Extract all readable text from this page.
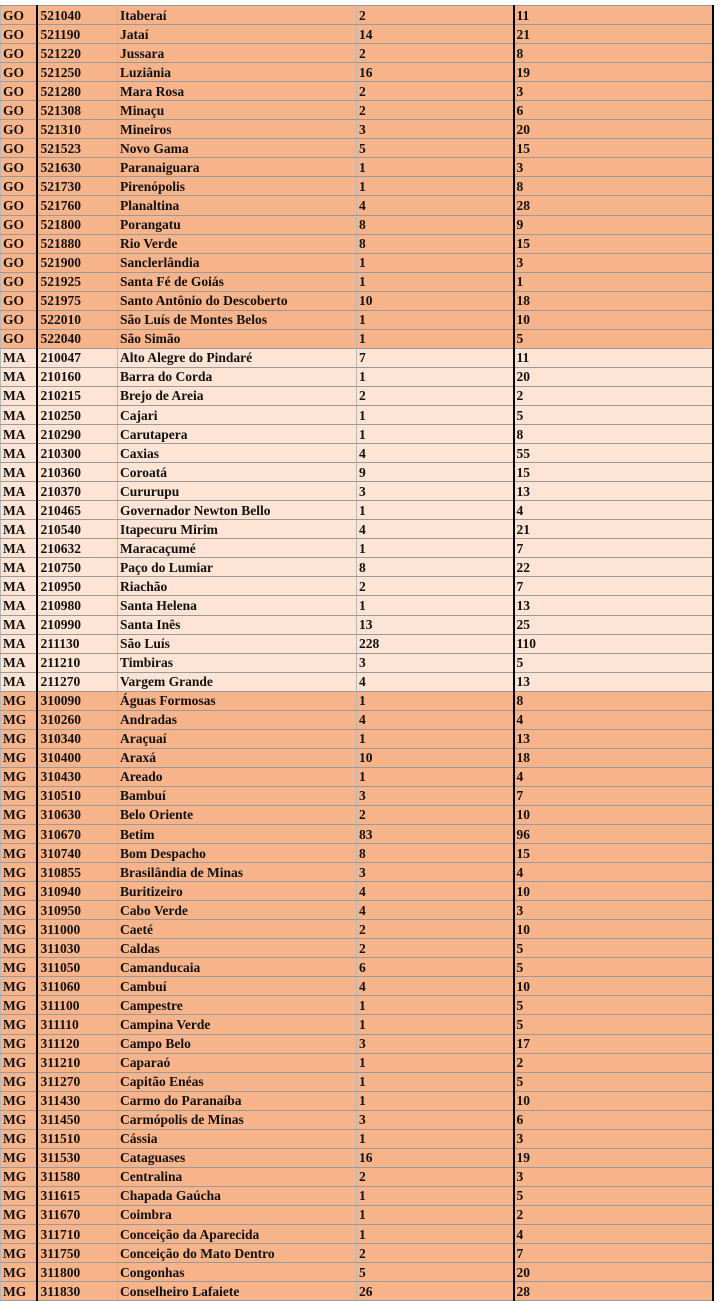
GO	521040	Itaberaí	2	11
GO	521190	Jataí	14	21
GO	521220	Jussara	2	8
GO	521250	Luziânia	16	19
GO	521280	Mara Rosa	2	3
GO	521308	Minaçu	2	6
GO	521310	Mineiros	3	20
GO	521523	Novo Gama	5	15
GO	521630	Paranaiguara	1	3
GO	521730	Pirenópolis	1	8
GO	521760	Planaltina	4	28
GO	521800	Porangatu	8	9
GO	521880	Rio Verde	8	15
GO	521900	Sanclerlândia	1	3
GO	521925	Santa Fé de Goiás	1	1
GO	521975	Santo Antônio do Descoberto	10	18
GO	522010	São Luís de Montes Belos	1	10
GO	522040	São Simão	1	5
MA	210047	Alto Alegre do Pindaré	7	11
MA	210160	Barra do Corda	1	20
MA	210215	Brejo de Areia	2	2
MA	210250	Cajari	1	5
MA	210290	Carutapera	1	8
MA	210300	Caxias	4	55
MA	210360	Coroatá	9	15
MA	210370	Cururupu	3	13
MA	210465	Governador Newton Bello	1	4
MA	210540	Itapecuru Mirim	4	21
MA	210632	Maracaçumé	1	7
MA	210750	Paço do Lumiar	8	22
MA	210950	Riachão	2	7
MA	210980	Santa Helena	1	13
MA	210990	Santa Inês	13	25
MA	211130	São Luís	228	110
MA	211210	Timbiras	3	5
MA	211270	Vargem Grande	4	13
MG	310090	Águas Formosas	1	8
MG	310260	Andradas	4	4
MG	310340	Araçuaí	1	13
MG	310400	Araxá	10	18
MG	310430	Areado	1	4
MG	310510	Bambuí	3	7
MG	310630	Belo Oriente	2	10
MG	310670	Betim	83	96
MG	310740	Bom Despacho	8	15
MG	310855	Brasilândia de Minas	3	4
MG	310940	Buritizeiro	4	10
MG	310950	Cabo Verde	4	3
MG	311000	Caeté	2	10
MG	311030	Caldas	2	5
MG	311050	Camanducaia	6	5
MG	311060	Cambuí	4	10
MG	311100	Campestre	1	5
MG	311110	Campina Verde	1	5
MG	311120	Campo Belo	3	17
MG	311210	Caparaó	1	2
MG	311270	Capitão Enéas	1	5
MG	311430	Carmo do Paranaíba	1	10
MG	311450	Carmópolis de Minas	3	6
MG	311510	Cássia	1	3
MG	311530	Cataguases	16	19
MG	311580	Centralina	2	3
MG	311615	Chapada Gaúcha	1	5
MG	311670	Coimbra	1	2
MG	311710	Conceição da Aparecida	1	4
MG	311750	Conceição do Mato Dentro	2	7
MG	311800	Congonhas	5	20
MG	311830	Conselheiro Lafaiete	26	28
